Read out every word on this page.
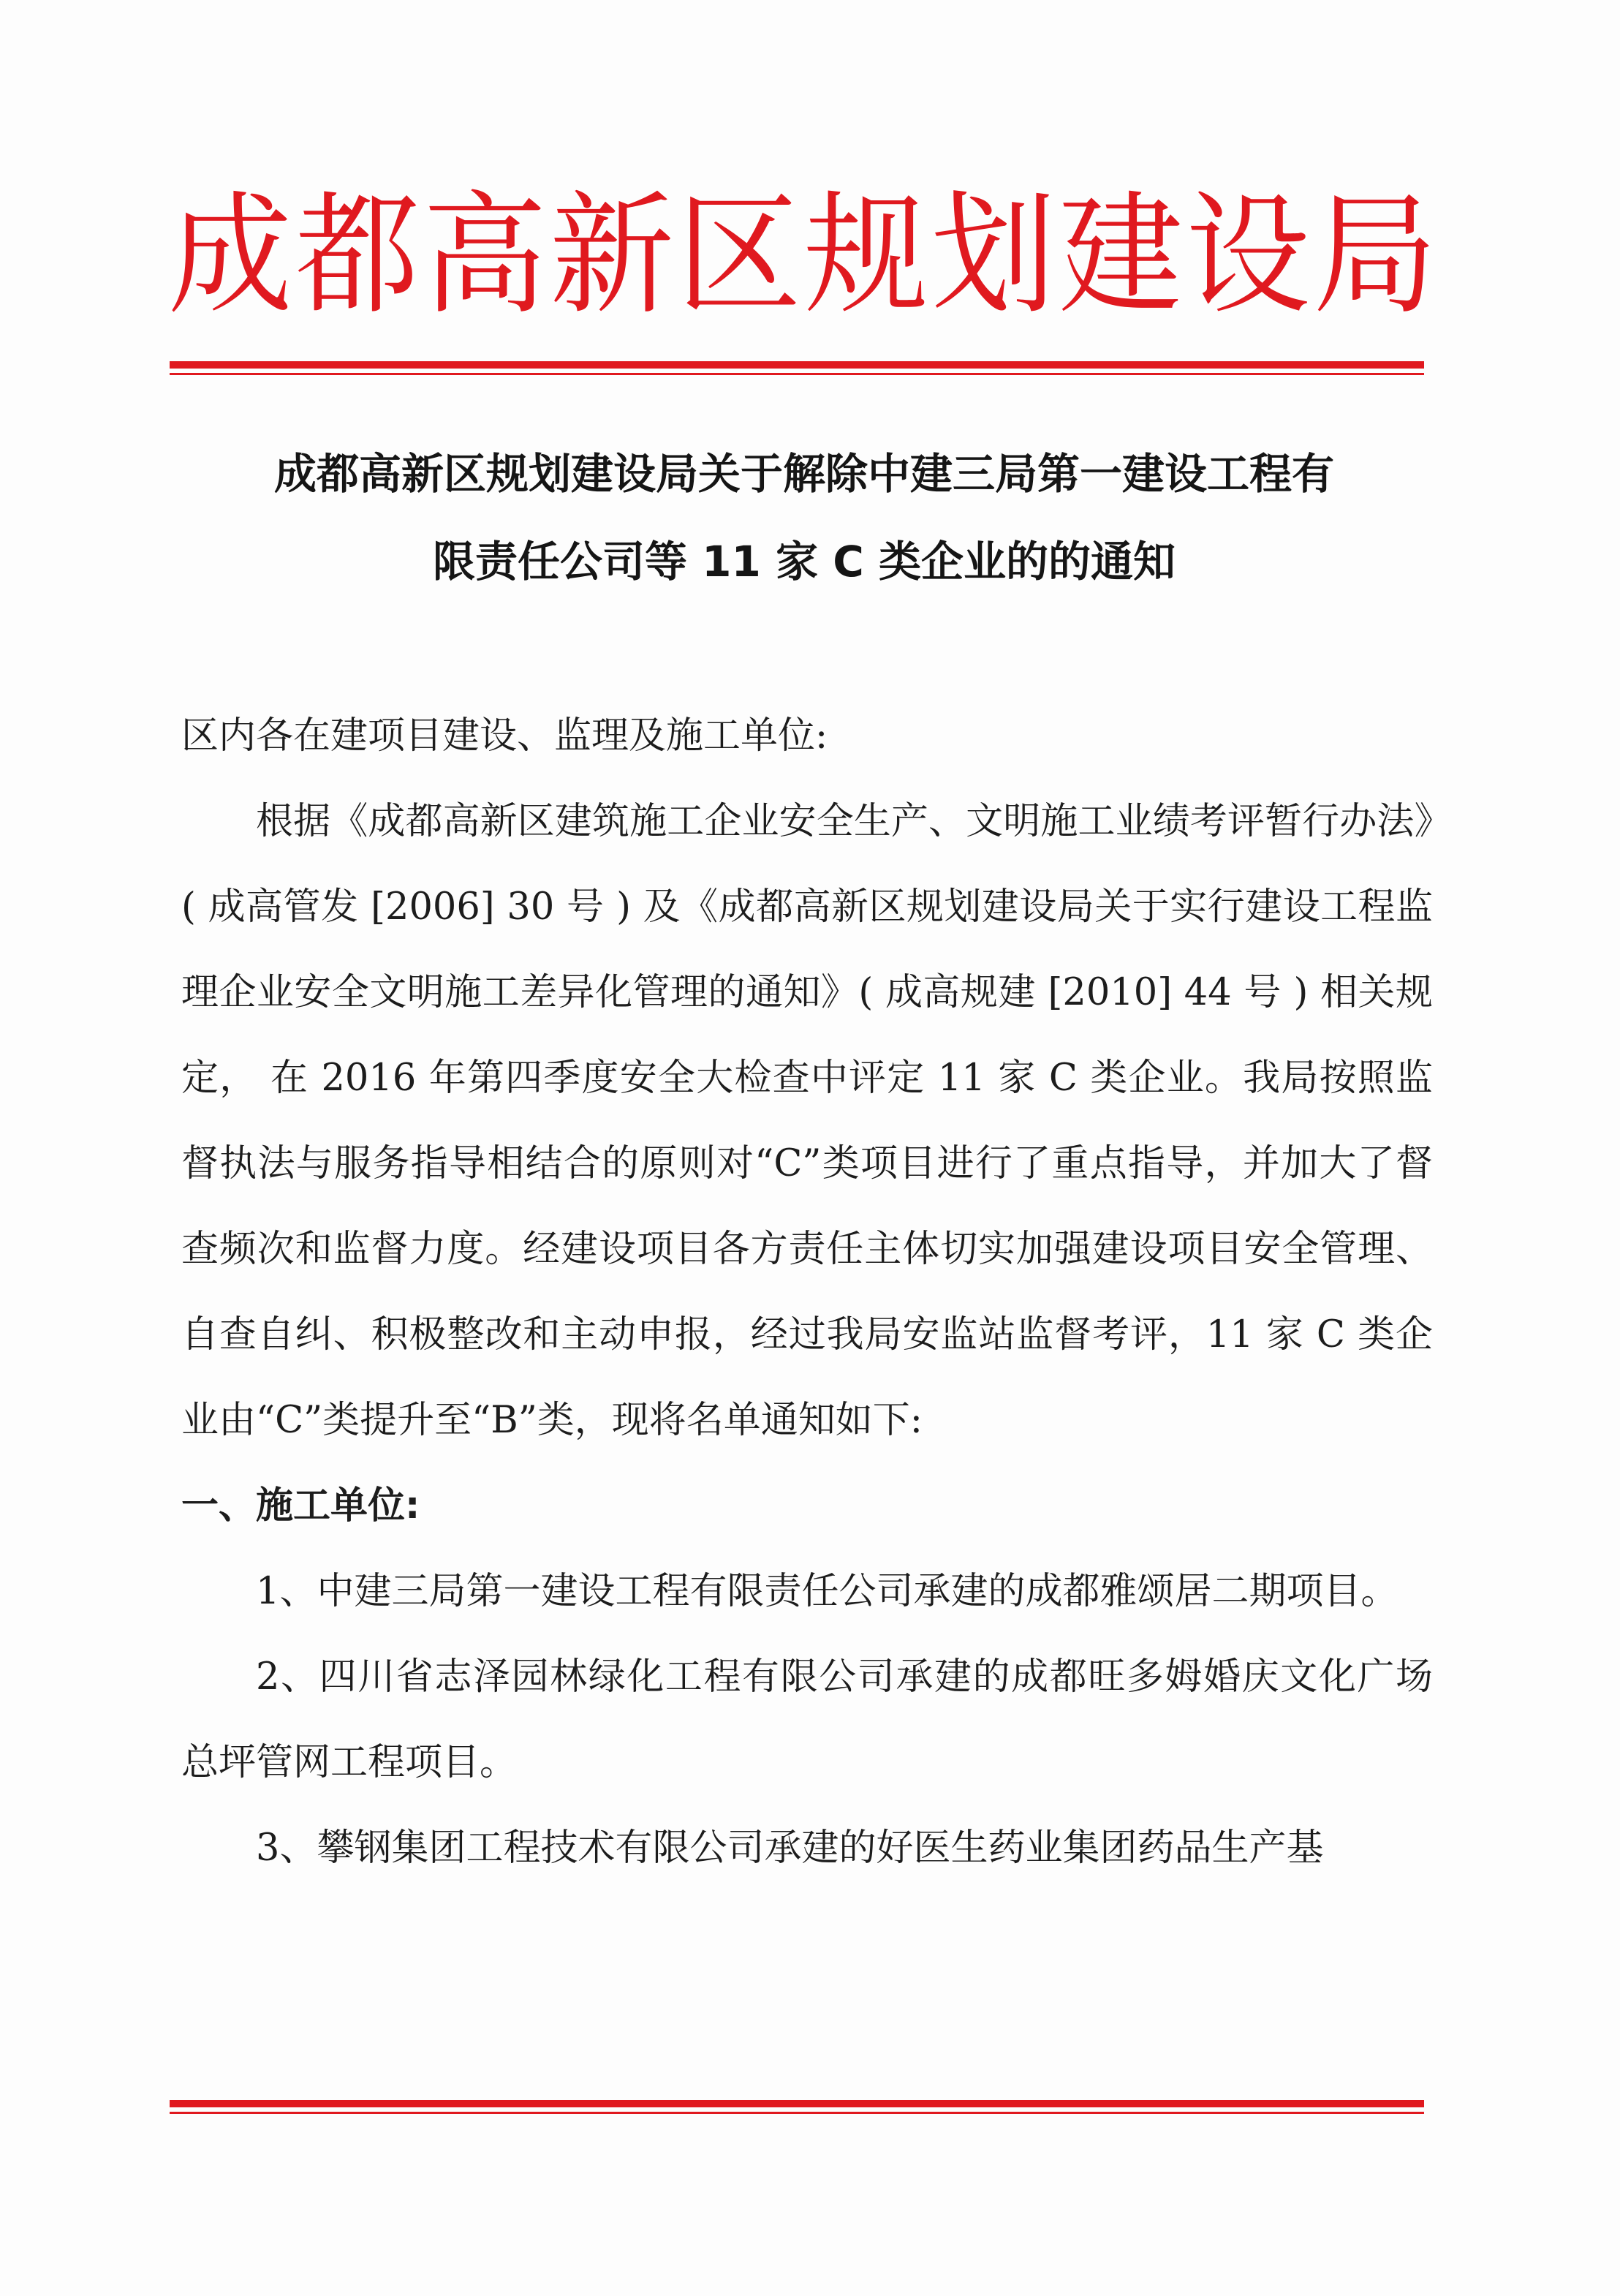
成都高新区规划建设局
成都高新区规划建设局关于解除中建三局第一建设工程有
限责任公司等 11 家 C 类企业的的通知

区内各在建项目建设、监理及施工单位:

根据《成都高新区建筑施工企业安全生产、文明施工业绩考评暂行办法》( 成高管发 [2006] 30 号 ) 及《成都高新区规划建设局关于实行建设工程监理企业安全文明施工差异化管理的通知》( 成高规建 [2010] 44 号 ) 相关规定， 在 2016 年第四季度安全大检查中评定 11 家 C 类企业。我局按照监督执法与服务指导相结合的原则对“C”类项目进行了重点指导，并加大了督查频次和监督力度。经建设项目各方责任主体切实加强建设项目安全管理、自查自纠、积极整改和主动申报，经过我局安监站监督考评，11 家 C 类企业由“C”类提升至“B”类，现将名单通知如下:

一、施工单位:

1、中建三局第一建设工程有限责任公司承建的成都雅颂居二期项目。

2、四川省志泽园林绿化工程有限公司承建的成都旺多姆婚庆文化广场总坪管网工程项目。

3、攀钢集团工程技术有限公司承建的好医生药业集团药品生产基
